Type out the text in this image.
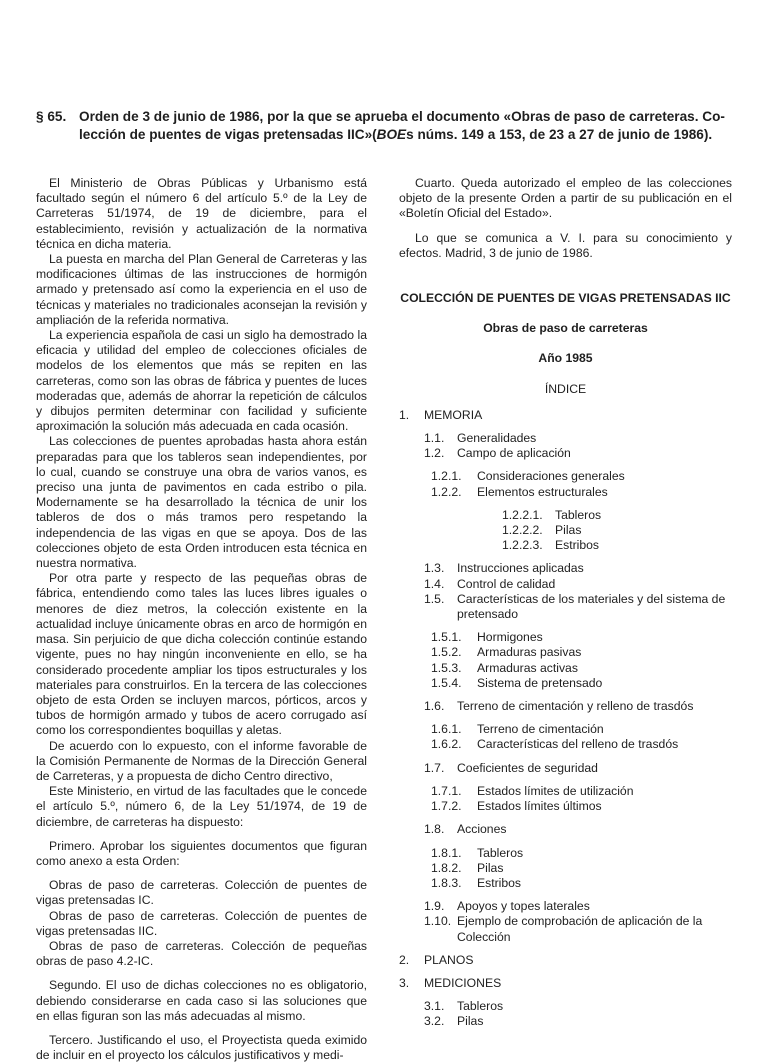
§ 65. Orden de 3 de junio de 1986, por la que se aprueba el documento «Obras de paso de carreteras. Co-
lección de puentes de vigas pretensadas IIC»(BOEs núms. 149 a 153, de 23 a 27 de junio de 1986).

El Ministerio de Obras Públicas y Urbanismo está facultado según el número 6 del artículo 5.º de la Ley de Carreteras 51/1974, de 19 de diciembre, para el establecimiento, revisión y actualización de la normativa técnica en dicha materia.

La puesta en marcha del Plan General de Carreteras y las modificaciones últimas de las instrucciones de hormigón armado y pretensado así como la experiencia en el uso de técnicas y materiales no tradicionales aconsejan la revisión y ampliación de la referida normativa.

La experiencia española de casi un siglo ha demostrado la eficacia y utilidad del empleo de colecciones oficiales de modelos de los elementos que más se repiten en las carreteras, como son las obras de fábrica y puentes de luces moderadas que, además de ahorrar la repetición de cálculos y dibujos permiten determinar con facilidad y suficiente aproximación la solución más adecuada en cada ocasión.

Las colecciones de puentes aprobadas hasta ahora están preparadas para que los tableros sean independientes, por lo cual, cuando se construye una obra de varios vanos, es preciso una junta de pavimentos en cada estribo o pila. Modernamente se ha desarrollado la técnica de unir los tableros de dos o más tramos pero respetando la independencia de las vigas en que se apoya. Dos de las colecciones objeto de esta Orden introducen esta técnica en nuestra normativa.

Por otra parte y respecto de las pequeñas obras de fábrica, entendiendo como tales las luces libres iguales o menores de diez metros, la colección existente en la actualidad incluye únicamente obras en arco de hormigón en masa. Sin perjuicio de que dicha colección continúe estando vigente, pues no hay ningún inconveniente en ello, se ha considerado procedente ampliar los tipos estructurales y los materiales para construirlos. En la tercera de las colecciones objeto de esta Orden se incluyen marcos, pórticos, arcos y tubos de hormigón armado y tubos de acero corrugado así como los correspondientes boquillas y aletas.

De acuerdo con lo expuesto, con el informe favorable de la Comisión Permanente de Normas de la Dirección General de Carreteras, y a propuesta de dicho Centro directivo,

Este Ministerio, en virtud de las facultades que le concede el artículo 5.º, número 6, de la Ley 51/1974, de 19 de diciembre, de carreteras ha dispuesto:

Primero. Aprobar los siguientes documentos que figuran como anexo a esta Orden:

Obras de paso de carreteras. Colección de puentes de vigas pretensadas IC.

Obras de paso de carreteras. Colección de puentes de vigas pretensadas IIC.

Obras de paso de carreteras. Colección de pequeñas obras de paso 4.2-IC.

Segundo. El uso de dichas colecciones no es obligatorio, debiendo considerarse en cada caso si las soluciones que en ellas figuran son las más adecuadas al mismo.

Tercero. Justificando el uso, el Proyectista queda eximido de incluir en el proyecto los cálculos justificativos y medi-

Cuarto. Queda autorizado el empleo de las colecciones objeto de la presente Orden a partir de su publicación en el «Boletín Oficial del Estado».

Lo que se comunica a V. I. para su conocimiento y efectos. Madrid, 3 de junio de 1986.

COLECCIÓN DE PUENTES DE VIGAS PRETENSADAS IIC
Obras de paso de carreteras
Año 1985
ÍNDICE
1.	MEMORIA
1.1.	Generalidades
1.2.	Campo de aplicación
1.2.1.	Consideraciones generales
1.2.2.	Elementos estructurales
1.2.2.1.	Tableros
1.2.2.2.	Pilas
1.2.2.3.	Estribos
1.3.	Instrucciones aplicadas
1.4.	Control de calidad
1.5.	Características de los materiales y del sistema de pretensado
1.5.1.	Hormigones
1.5.2.	Armaduras pasivas
1.5.3.	Armaduras activas
1.5.4.	Sistema de pretensado
1.6.	Terreno de cimentación y relleno de trasdós
1.6.1.	Terreno de cimentación
1.6.2.	Características del relleno de trasdós
1.7.	Coeficientes de seguridad
1.7.1.	Estados límites de utilización
1.7.2.	Estados límites últimos
1.8.	Acciones
1.8.1.	Tableros
1.8.2.	Pilas
1.8.3.	Estribos
1.9.	Apoyos y topes laterales
1.10. Ejemplo de comprobación de aplicación de la Colección
2.	PLANOS
3.	MEDICIONES
3.1.	Tableros
3.2.	Pilas
